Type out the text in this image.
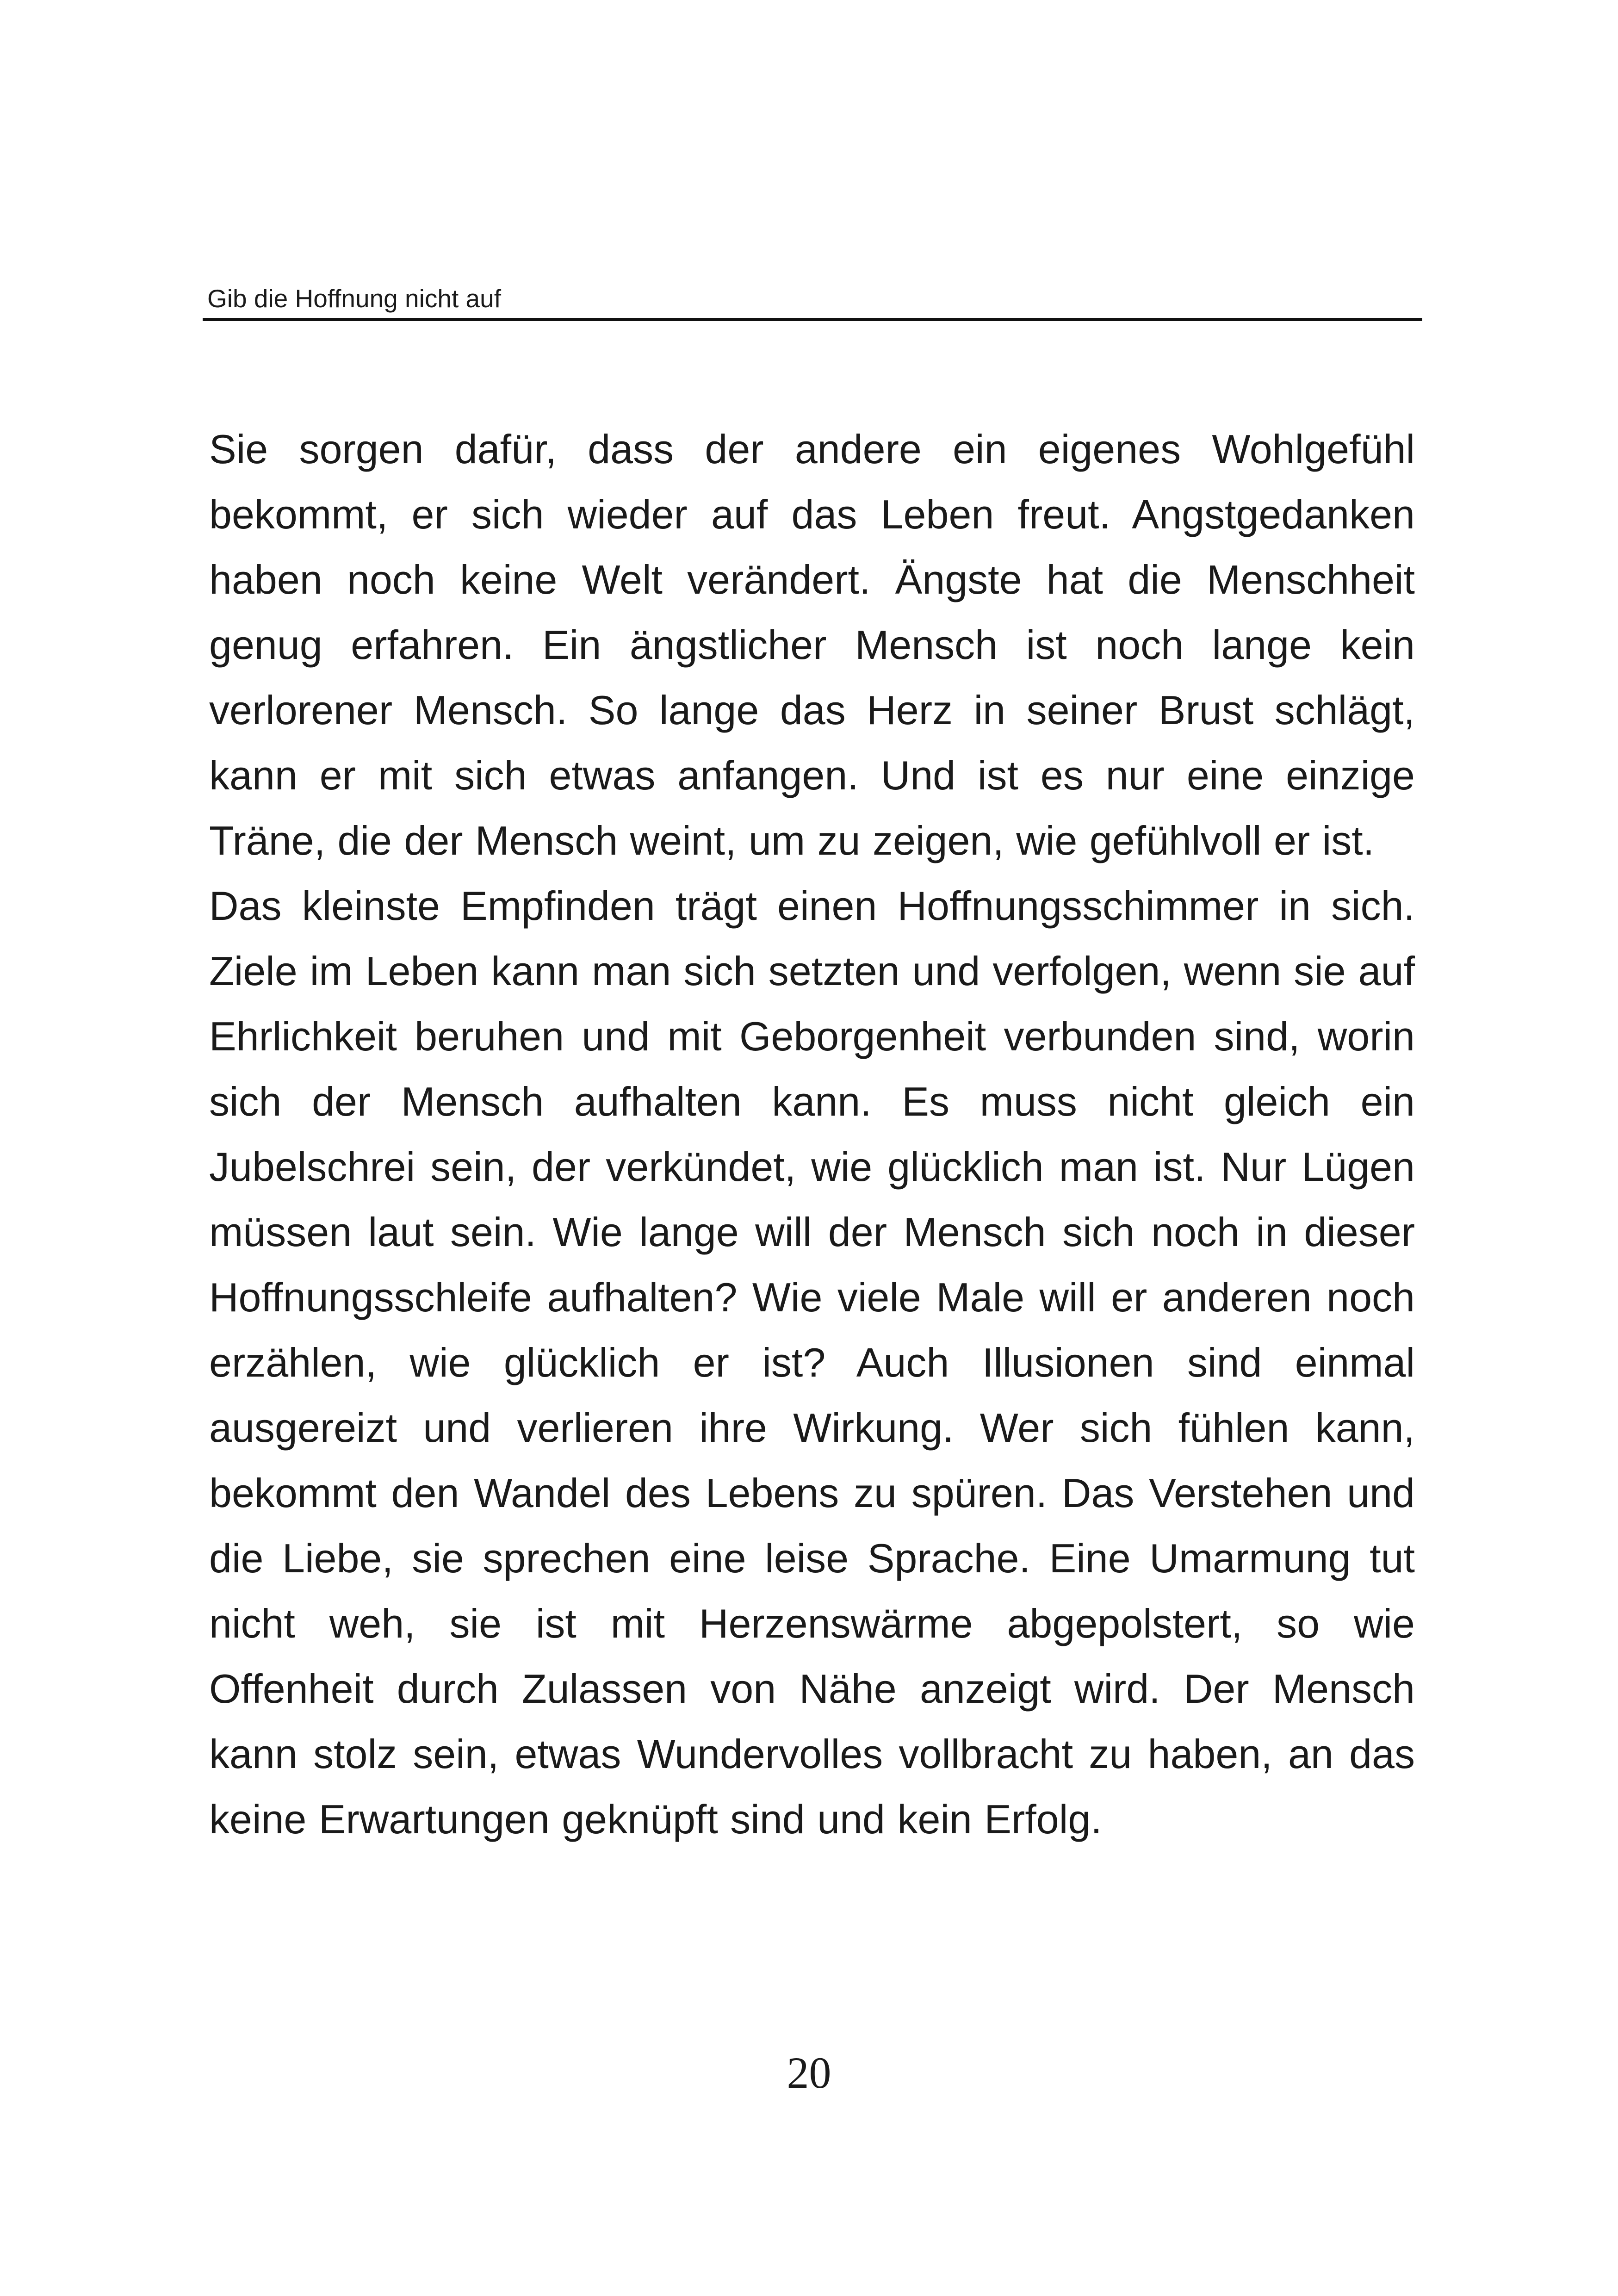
Gib die Hoffnung nicht auf

Sie sorgen dafür, dass der andere ein eigenes Wohlgefühl bekommt, er sich wieder auf das Leben freut. Angstgedanken haben noch keine Welt verändert. Ängste hat die Menschheit genug erfahren. Ein ängstlicher Mensch ist noch lange kein verlorener Mensch. So lange das Herz in seiner Brust schlägt, kann er mit sich etwas anfangen. Und ist es nur eine einzige Träne, die der Mensch weint, um zu zeigen, wie gefühlvoll er ist.

Das kleinste Empfinden trägt einen Hoffnungsschimmer in sich. Ziele im Leben kann man sich setzten und verfolgen, wenn sie auf Ehrlichkeit beruhen und mit Geborgenheit verbunden sind, worin sich der Mensch aufhalten kann. Es muss nicht gleich ein Jubelschrei sein, der verkündet, wie glücklich man ist. Nur Lügen müssen laut sein. Wie lange will der Mensch sich noch in dieser Hoffnungsschleife aufhalten? Wie viele Male will er anderen noch erzählen, wie glücklich er ist? Auch Illusionen sind einmal ausgereizt und verlieren ihre Wirkung. Wer sich fühlen kann, bekommt den Wandel des Lebens zu spüren. Das Verstehen und die Liebe, sie sprechen eine leise Sprache. Eine Umarmung tut nicht weh, sie ist mit Herzenswärme abgepolstert, so wie Offenheit durch Zulassen von Nähe anzeigt wird. Der Mensch kann stolz sein, etwas Wundervolles vollbracht zu haben, an das keine Erwartungen geknüpft sind und kein Erfolg.

20
